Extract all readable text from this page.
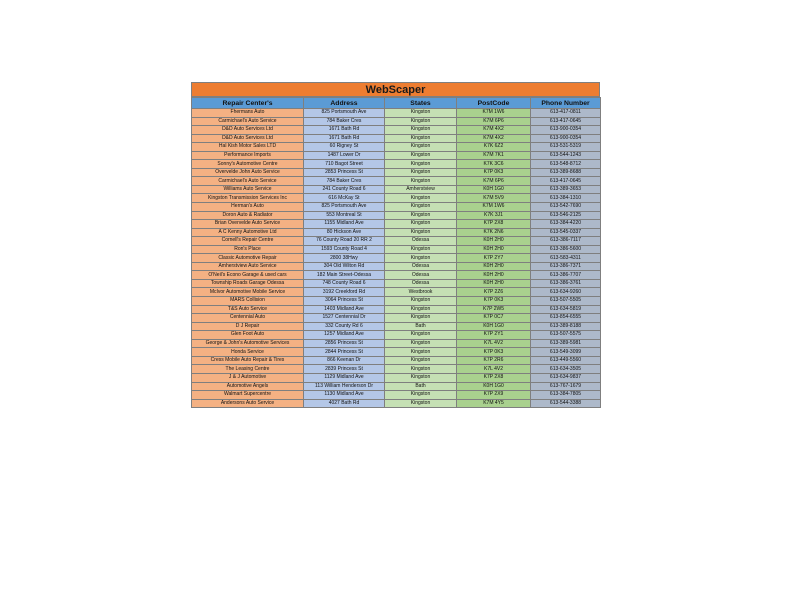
WebScaper
Repair Center's	Address	States	PostCode	Phone Number
Fhermans Auto	825 Portsmouth Ave	Kingston	K7M 1W6	613-417-0811
Carmichael's Auto Service	784 Baker Cres	Kingston	K7M 6P6	613-417-0645
D&D Auto Services Ltd	1671 Bath Rd	Kingston	K7M 4X2	613-900-0354
D&D Auto Services Ltd	1671 Bath Rd	Kingston	K7M 4X2	613-900-0354
Hal Kish Motor Sales LTD	60 Rigney St	Kingston	K7K 6Z2	613-531-5319
Performance Imports	1487 Lower Dr	Kingston	K7M 7K1	613-544-1243
Sonny's Automotive Centre	710 Bagot Street	Kingston	K7K 3C6	613-548-8712
Overvelde John Auto Service	2853 Princess St	Kingston	K7P 0K3	613-389-8688
Carmichael's Auto Service	784 Baker Cres	Kingston	K7M 6P6	613-417-0645
Williams Auto Service	241 County Road 6	Amherstview	K0H 1G0	613-389-3653
Kingston Transmission Services Inc	616 McKay St	Kingston	K7M 5V9	613-384-1310
Herman's Auto	825 Portsmouth Ave	Kingston	K7M 1W6	613-542-7690
Doron Auto & Radiator	553 Montreal St	Kingston	K7K 3J1	613-546-2125
Brian Overvelde Auto Service	1155 Midland Ave	Kingston	K7P 2X8	613-384-4220
A C Kenny Automotive Ltd	80 Hickson Ave	Kingston	K7K 2N6	613-545-0337
Cornell's Repair Centre	76 County Road 20 RR 2	Odessa	K0H 2H0	613-386-7117
Ron's Place	1593 County Road 4	Kingston	K0H 2H0	613-386-5600
Classic Automotive Repair	2800 38Hwy	Kingston	K7P 2Y7	613-583-4311
Amherstview Auto Service	304 Old Wilton Rd	Odessa	K0H 2H0	613-386-7371
O'Neil's Econo Garage & used cars	182 Main Street-Odessa	Odessa	K0H 2H0	613-386-7707
Township Roads Garage Odessa	748 County Road 6	Odessa	K0H 2H0	613-386-3761
McIvor Automotive Mobile Service	3192 Creekford Rd	Westbrook	K7P 2Z6	613-634-9260
MARS Collision	3064 Princess St	Kingston	K7P 0K3	613-507-5505
T&S Auto Service	1403 Midland Ave	Kingston	K7P 2W5	613-634-5819
Centennial Auto	1527 Centennial Dr	Kingston	K7P 0C7	613-854-6555
D J Repair	332 County Rd 6	Bath	K0H 1G0	613-389-8188
Glen Foot Auto	1257 Midland Ave	Kingston	K7P 2Y1	613-507-5575
George & John's Automotive Services	2856 Princess St	Kingston	K7L 4V2	613-389-5981
Honda Service	2844 Princess St	Kingston	K7P 0K3	613-549-3099
Cress Mobile Auto Repair & Tires	866 Keenan Dr	Kingston	K7P 2R6	613-449-5560
The Leasing Centre	2839 Princess St	Kingston	K7L 4V2	613-634-3505
J & J Automotive	1129 Midland Ave	Kingston	K7P 2X8	613-634-9837
Automotive Angels	113 William Henderson Dr	Bath	K0H 1G0	613-767-1679
Walmart Supercentre	1130 Midland Ave	Kingston	K7P 2X9	613-384-7805
Andersons Auto Service	4027 Bath Rd	Kingston	K7M 4Y5	613-544-3388
